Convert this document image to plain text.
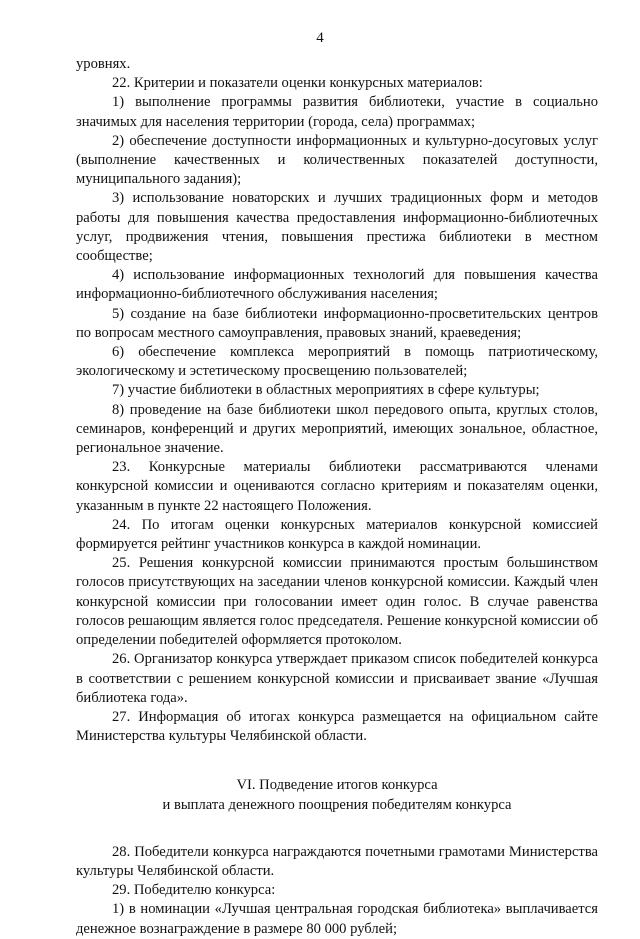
4

уровнях.

22. Критерии и показатели оценки конкурсных материалов:

1) выполнение программы развития библиотеки, участие в социально значимых для населения территории (города, села) программах;

2) обеспечение доступности информационных и культурно-досуговых услуг (выполнение качественных и количественных показателей доступности, муниципального задания);

3) использование новаторских и лучших традиционных форм и методов работы для повышения качества предоставления информационно-библиотечных услуг, продвижения чтения, повышения престижа библиотеки в местном сообществе;

4) использование информационных технологий для повышения качества информационно-библиотечного обслуживания населения;

5) создание на базе библиотеки информационно-просветительских центров по вопросам местного самоуправления, правовых знаний, краеведения;

6) обеспечение комплекса мероприятий в помощь патриотическому, экологическому и эстетическому просвещению пользователей;

7) участие библиотеки в областных мероприятиях в сфере культуры;

8) проведение на базе библиотеки школ передового опыта, круглых столов, семинаров, конференций и других мероприятий, имеющих зональное, областное, региональное значение.

23. Конкурсные материалы библиотеки рассматриваются членами конкурсной комиссии и оцениваются согласно критериям и показателям оценки, указанным в пункте 22 настоящего Положения.

24. По итогам оценки конкурсных материалов конкурсной комиссией формируется рейтинг участников конкурса в каждой номинации.

25. Решения конкурсной комиссии принимаются простым большинством голосов присутствующих на заседании членов конкурсной комиссии. Каждый член конкурсной комиссии при голосовании имеет один голос. В случае равенства голосов решающим является голос председателя. Решение конкурсной комиссии об определении победителей оформляется протоколом.

26. Организатор конкурса утверждает приказом список победителей конкурса в соответствии с решением конкурсной комиссии и присваивает звание «Лучшая библиотека года».

27. Информация об итогах конкурса размещается на официальном сайте Министерства культуры Челябинской области.

VI. Подведение итогов конкурса
и выплата денежного поощрения победителям конкурса

28. Победители конкурса награждаются почетными грамотами Министерства культуры Челябинской области.

29. Победителю конкурса:

1) в номинации «Лучшая центральная городская библиотека» выплачивается денежное вознаграждение в размере 80 000 рублей;
